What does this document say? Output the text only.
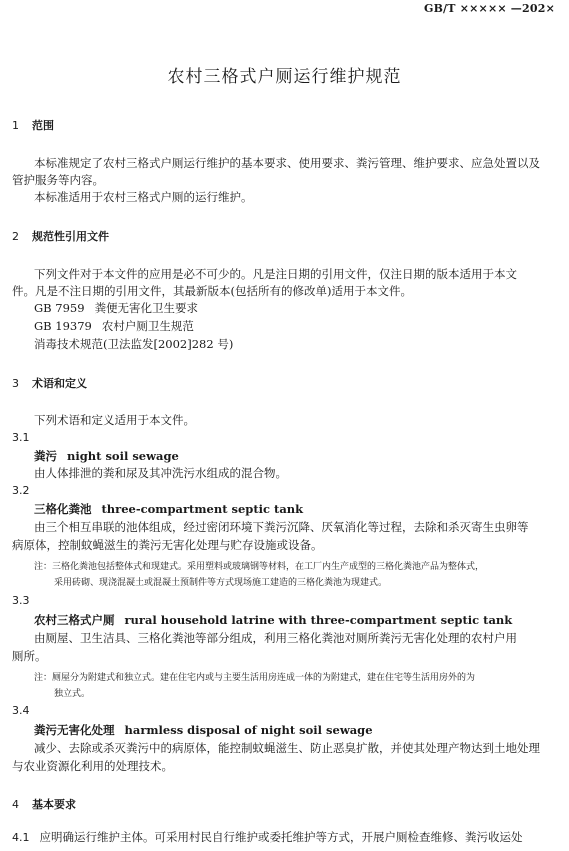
GB/T ××××× —202×
农村三格式户厕运行维护规范
1 范围
本标准规定了农村三格式户厕运行维护的基本要求、使用要求、粪污管理、维护要求、应急处置以及
管护服务等内容。
本标准适用于农村三格式户厕的运行维护。
2 规范性引用文件
下列文件对于本文件的应用是必不可少的。凡是注日期的引用文件，仅注日期的版本适用于本文
件。凡是不注日期的引用文件，其最新版本(包括所有的修改单)适用于本文件。
GB 7959 粪便无害化卫生要求
GB 19379 农村户厕卫生规范
消毒技术规范(卫法监发[2002]282 号)
3 术语和定义
下列术语和定义适用于本文件。
3.1
粪污 night soil sewage
由人体排泄的粪和尿及其冲洗污水组成的混合物。
3.2
三格化粪池 three-compartment septic tank
由三个相互串联的池体组成，经过密闭环境下粪污沉降、厌氧消化等过程，去除和杀灭寄生虫卵等
病原体，控制蚊蝇滋生的粪污无害化处理与贮存设施或设备。
注：三格化粪池包括整体式和现建式。采用塑料或玻璃钢等材料，在工厂内生产成型的三格化粪池产品为整体式，
采用砖砌、现浇混凝土或混凝土预制件等方式现场施工建造的三格化粪池为现建式。
3.3
农村三格式户厕 rural household latrine with three-compartment septic tank
由厕屋、卫生洁具、三格化粪池等部分组成，利用三格化粪池对厕所粪污无害化处理的农村户用
厕所。
注：厕屋分为附建式和独立式。建在住宅内或与主要生活用房连成一体的为附建式，建在住宅等生活用房外的为
独立式。
3.4
粪污无害化处理 harmless disposal of night soil sewage
减少、去除或杀灭粪污中的病原体，能控制蚊蝇滋生、防止恶臭扩散，并使其处理产物达到土地处理
与农业资源化利用的处理技术。
4 基本要求
4.1 应明确运行维护主体。可采用村民自行维护或委托维护等方式，开展户厕检查维修、粪污收运处
